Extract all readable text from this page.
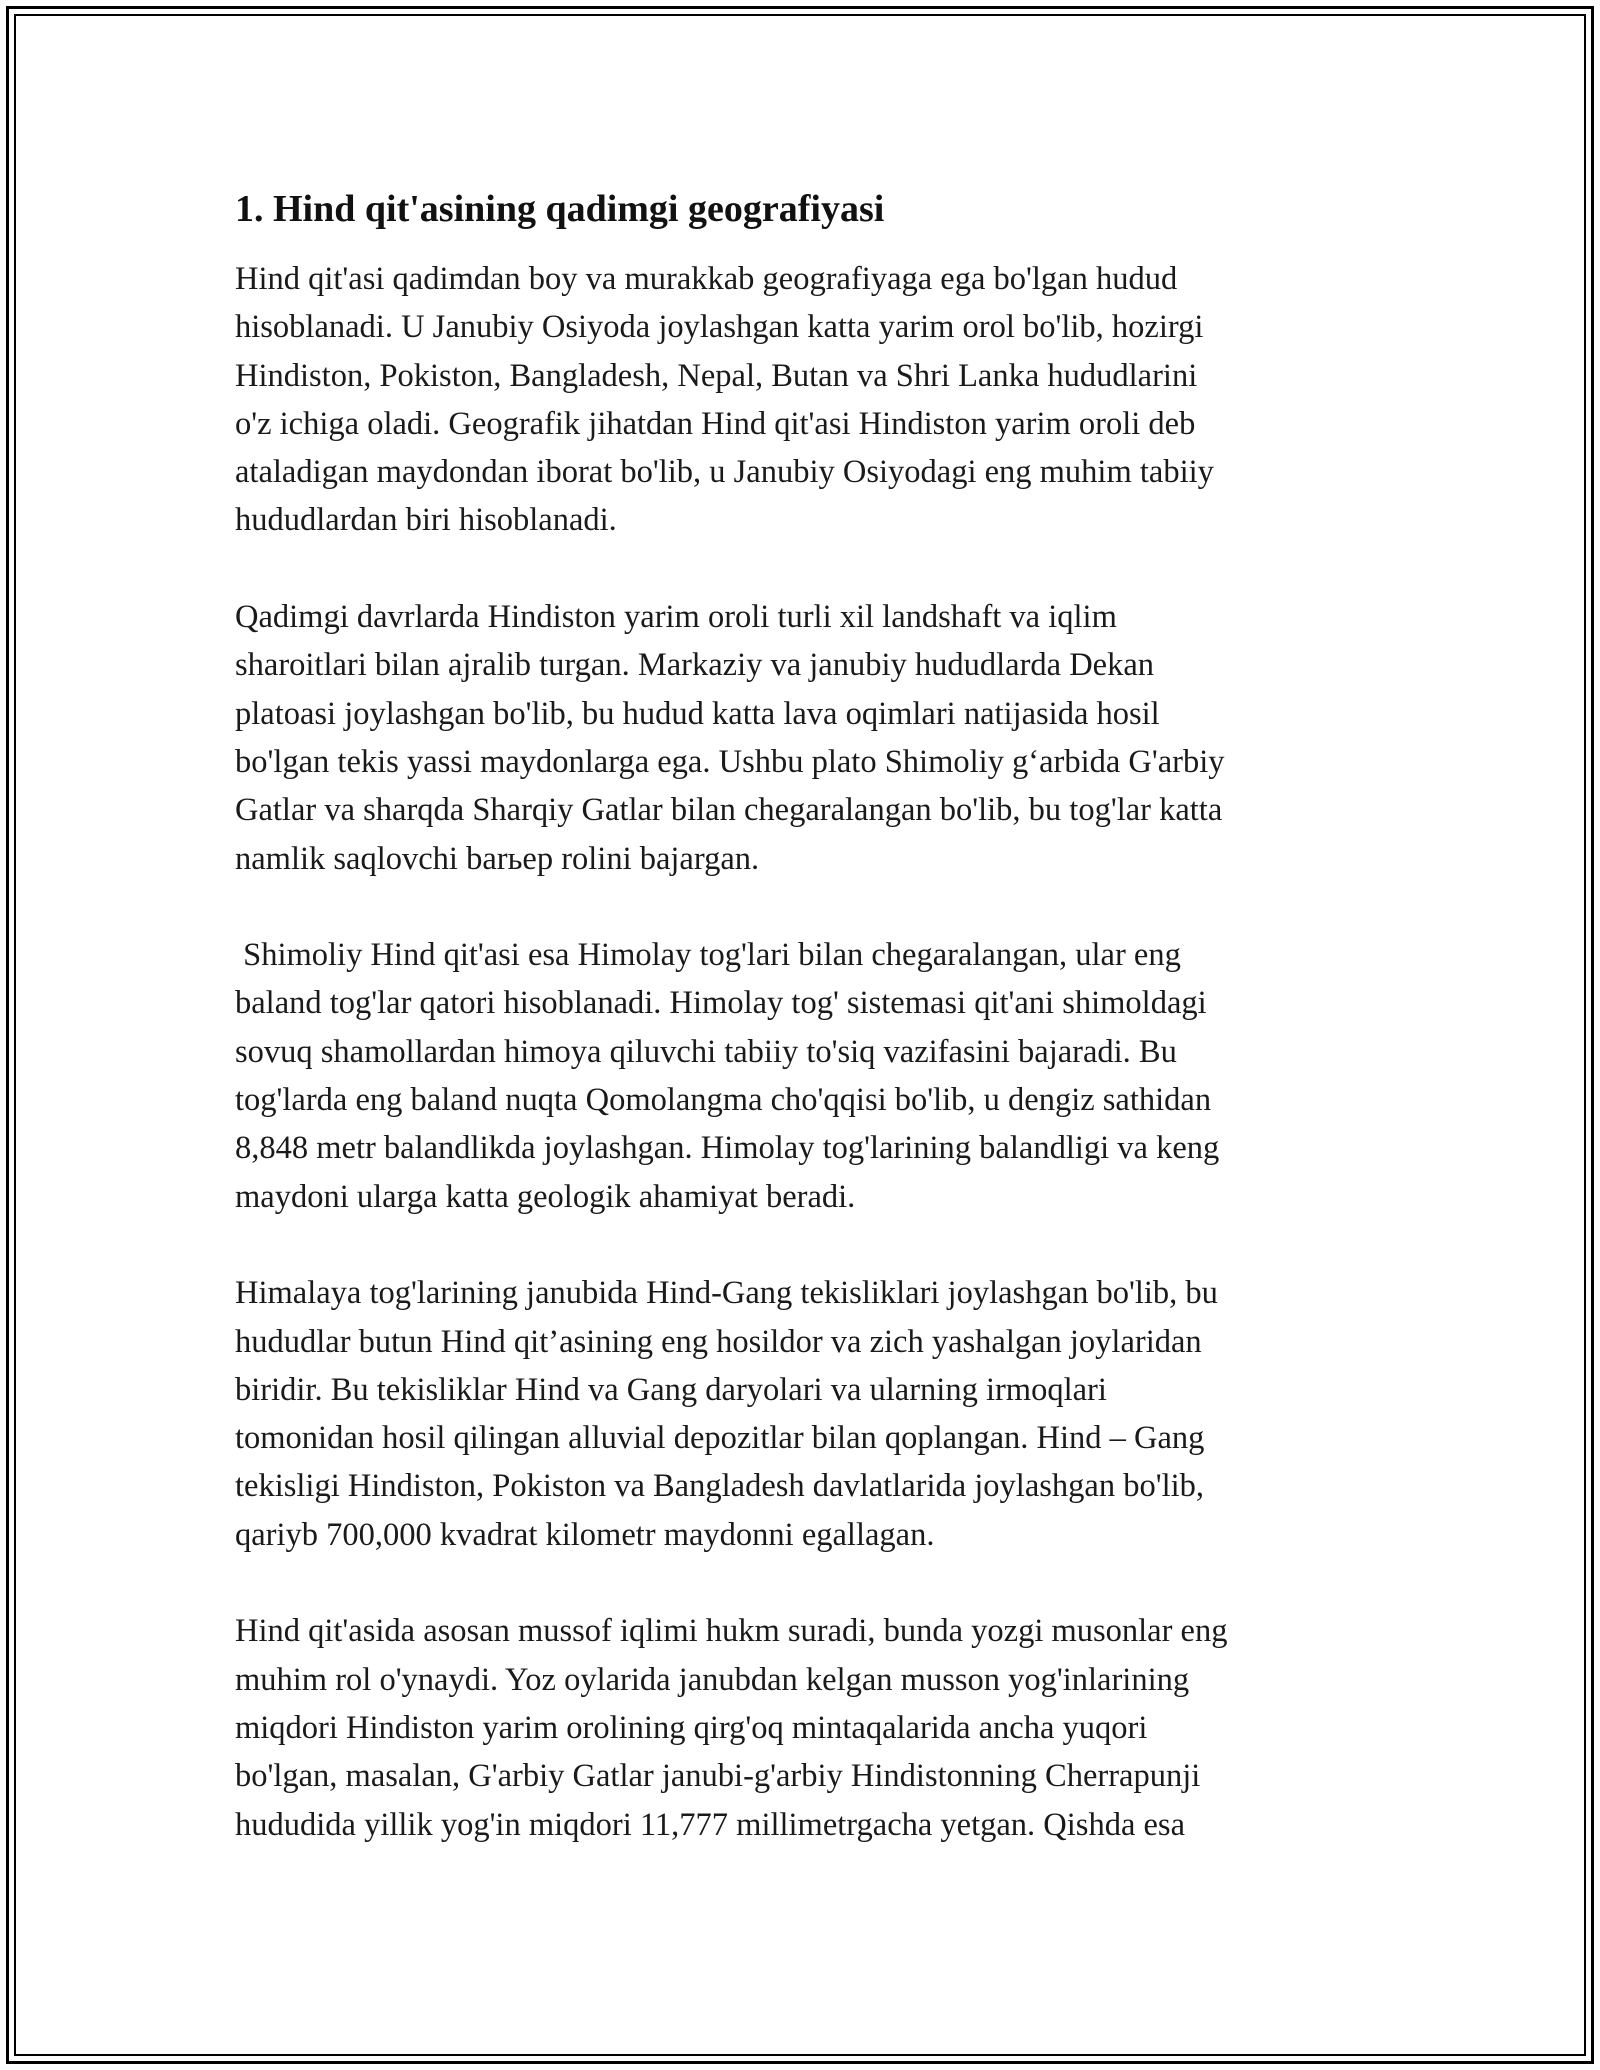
1. Hind qit'asining qadimgi geografiyasi

Hind qit'asi qadimdan boy va murakkab geografiyaga ega bo'lgan hudud
hisoblanadi. U Janubiy Osiyoda joylashgan katta yarim orol bo'lib, hozirgi
Hindiston, Pokiston, Bangladesh, Nepal, Butan va Shri Lanka hududlarini
o'z ichiga oladi. Geografik jihatdan Hind qit'asi Hindiston yarim oroli deb
ataladigan maydondan iborat bo'lib, u Janubiy Osiyodagi eng muhim tabiiy
hududlardan biri hisoblanadi.

Qadimgi davrlarda Hindiston yarim oroli turli xil landshaft va iqlim
sharoitlari bilan ajralib turgan. Markaziy va janubiy hududlarda Dekan
platoasi joylashgan bo'lib, bu hudud katta lava oqimlari natijasida hosil
bo'lgan tekis yassi maydonlarga ega. Ushbu plato Shimoliy g‘arbida G'arbiy
Gatlar va sharqda Sharqiy Gatlar bilan chegaralangan bo'lib, bu tog'lar katta
namlik saqlovchi barьер rolini bajargan.

Shimoliy Hind qit'asi esa Himolay tog'lari bilan chegaralangan, ular eng
baland tog'lar qatori hisoblanadi. Himolay tog' sistemasi qit'ani shimoldagi
sovuq shamollardan himoya qiluvchi tabiiy to'siq vazifasini bajaradi. Bu
tog'larda eng baland nuqta Qomolangma cho'qqisi bo'lib, u dengiz sathidan
8,848 metr balandlikda joylashgan. Himolay tog'larining balandligi va keng
maydoni ularga katta geologik ahamiyat beradi.

Himalaya tog'larining janubida Hind-Gang tekisliklari joylashgan bo'lib, bu
hududlar butun Hind qit’asining eng hosildor va zich yashalgan joylaridan
biridir. Bu tekisliklar Hind va Gang daryolari va ularning irmoqlari
tomonidan hosil qilingan alluvial depozitlar bilan qoplangan. Hind – Gang
tekisligi Hindiston, Pokiston va Bangladesh davlatlarida joylashgan bo'lib,
qariyb 700,000 kvadrat kilometr maydonni egallagan.

Hind qit'asida asosan mussof iqlimi hukm suradi, bunda yozgi musonlar eng
muhim rol o'ynaydi. Yoz oylarida janubdan kelgan musson yog'inlarining
miqdori Hindiston yarim orolining qirg'oq mintaqalarida ancha yuqori
bo'lgan, masalan, G'arbiy Gatlar janubi-g'arbiy Hindistonning Cherrapunji
hududida yillik yog'in miqdori 11,777 millimetrgacha yetgan. Qishda esa
